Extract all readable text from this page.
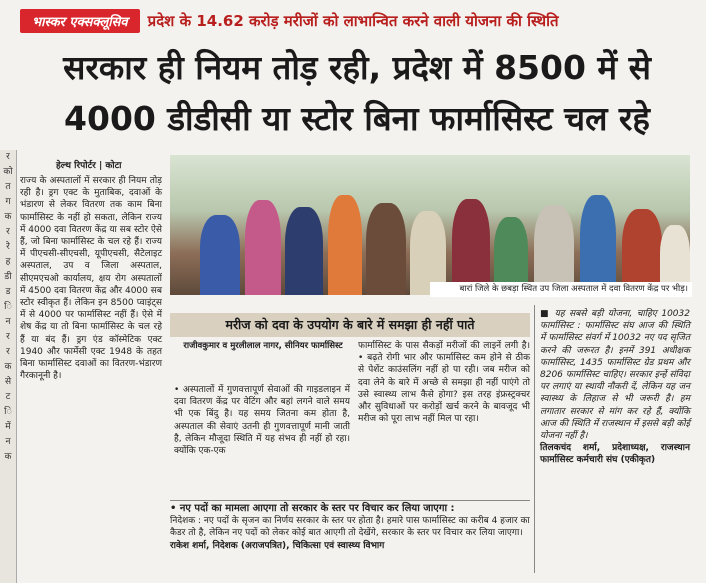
र
को
त
ग
क
र
रे
ह
डी
ड
ि
न
र
र
क
से
ट
ि
में
न
क
भास्कर एक्सक्लूसिव	प्रदेश के 14.62 करोड़ मरीजों को लाभान्वित करने वाली योजना की स्थिति
सरकार ही नियम तोड़ रही, प्रदेश में 8500 में से
4000 डीडीसी या स्टोर बिना फार्मासिस्ट चल रहे
हेल्थ रिपोर्टर | कोटा
राज्य के अस्पतालों में सरकार ही नियम तोड़ रही है। ड्रग एक्ट के मुताबिक, दवाओं के भंडारण से लेकर वितरण तक काम बिना फार्मासिस्ट के नहीं हो सकता, लेकिन राज्य में 4000 दवा वितरण केंद्र या सब स्टोर ऐसे हैं, जो बिना फार्मासिस्ट के चल रहे हैं। राज्य में पीएचसी-सीएचसी, यूपीएचसी, सैटेलाइट अस्पताल, उप व जिला अस्पताल, सीएमएचओ कार्यालय, क्षय रोग अस्पतालों में 4500 दवा वितरण केंद्र और 4000 सब स्टोर स्वीकृत हैं। लेकिन इन 8500 प्वाइंट्स में से 4000 पर फार्मासिस्ट नहीं हैं। ऐसे में शेष केंद्र या तो बिना फार्मासिस्ट के चल रहे हैं या बंद हैं। ड्रग एंड कॉस्मेटिक एक्ट 1940 और फार्मेसी एक्ट 1948 के तहत बिना फार्मासिस्ट दवाओं का वितरण-भंडारण गैरकानूनी है।
बारां जिले के छबड़ा स्थित उप जिला अस्पताल में दवा वितरण केंद्र पर भीड़।
मरीज को दवा के उपयोग के बारे में समझा ही नहीं पाते
राजीवकुमार व मुरलीलाल नागर, सीनियर फार्मासिस्ट
• अस्पतालों में गुणवत्तापूर्ण सेवाओं की गाइडलाइन में दवा वितरण केंद्र पर वेटिंग और बहां लगने वाले समय भी एक बिंदु है। यह समय जितना कम होता है, अस्पताल की सेवाएं उतनी ही गुणवत्तापूर्ण मानी जाती है, लेकिन मौजूदा स्थिति में यह संभव ही नहीं हो रहा। क्योंकि एक-एक
फार्मासिस्ट के पास सैकड़ों मरीजों की लाइनें लगी है। • बढ़ते रोगी भार और फार्मासिस्ट कम होने से ठीक से पेशेंट काउंसलिंग नहीं हो पा रही। जब मरीज को दवा लेने के बारे में अच्छे से समझा ही नहीं पाएंगे तो उसे स्वास्थ्य लाभ कैसे होगा? इस तरह इंफ्रस्ट्रक्चर और सुविधाओं पर करोड़ों खर्च करने के बावजूद भी मरीज को पूरा लाभ नहीं मिल पा रहा।
■ यह सबसे बड़ी योजना, चाहिए 10032 फार्मासिस्ट : फार्मासिस्ट संघ आज की स्थिति में फार्मासिस्ट संवर्ग में 10032 नए पद सृजित करने की जरूरत है। इनमें 391 अधीक्षक फार्मासिस्ट, 1435 फार्मासिस्ट ग्रेड प्रथम और 8206 फार्मासिस्ट चाहिए। सरकार इन्हें संविदा पर लगाएं या स्थायी नौकरी दें, लेकिन यह जन स्वास्थ्य के लिहाज से भी जरूरी है। हम लगातार सरकार से मांग कर रहे हैं, क्योंकि आज की स्थिति में राजस्थान में इससे बड़ी कोई योजना नहीं है।
तिलकचंद शर्मा, प्रदेशाध्यक्ष, राजस्थान फार्मासिस्ट कर्मचारी संघ (एकीकृत)
• नए पदों का मामला आएगा तो सरकार के स्तर पर विचार कर लिया जाएगा :
निदेशक : नए पदों के सृजन का निर्णय सरकार के स्तर पर होता है। हमारे पास फार्मासिस्ट का करीब 4 हजार का कैडर तो है, लेकिन नए पदों को लेकर कोई बात आएगी तो देखेंगे, सरकार के स्तर पर विचार कर लिया जाएगा।
राकेश शर्मा, निदेशक (अराजपत्रित), चिकित्सा एवं स्वास्थ्य विभाग
